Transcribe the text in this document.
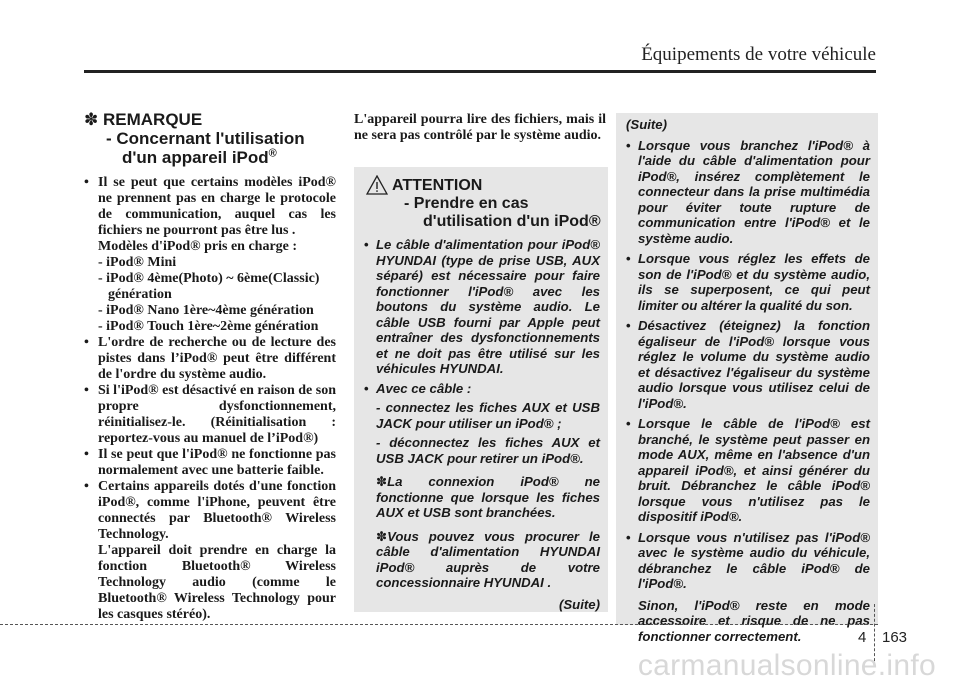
Équipements de votre véhicule
✽ REMARQUE
- Concernant l'utilisation
d'un appareil iPod®
• Il se peut que certains modèles iPod® ne prennent pas en charge le protocole de communication, auquel cas les fichiers ne pourront pas être lus .
Modèles d'iPod® pris en charge :
- iPod® Mini
- iPod® 4ème(Photo) ~ 6ème(Classic)
génération
- iPod® Nano 1ère~4ème génération
- iPod® Touch 1ère~2ème génération
• L'ordre de recherche ou de lecture des pistes dans l’iPod® peut être différent de l'ordre du système audio.
• Si l'iPod® est désactivé en raison de son propre dysfonctionnement, réinitialisez-le. (Réinitialisation : reportez-vous au manuel de l’iPod®)
• Il se peut que l'iPod® ne fonctionne pas normalement avec une batterie faible.
• Certains appareils dotés d'une fonction iPod®, comme l'iPhone, peuvent être connectés par Bluetooth® Wireless Technology.
L'appareil doit prendre en charge la fonction Bluetooth® Wireless Technology audio (comme le Bluetooth® Wireless Technology pour les casques stéréo).
L'appareil pourra lire des fichiers, mais il ne sera pas contrôlé par le système audio.
ATTENTION
- Prendre en cas
d'utilisation d'un iPod®
• Le câble d'alimentation pour iPod® HYUNDAI (type de prise USB, AUX séparé) est nécessaire pour faire fonctionner l'iPod® avec les boutons du système audio. Le câble USB fourni par Apple peut entraîner des dysfonctionnements et ne doit pas être utilisé sur les véhicules HYUNDAI.
• Avec ce câble :
- connectez les fiches AUX et USB JACK pour utiliser un iPod® ;
- déconnectez les fiches AUX et USB JACK pour retirer un iPod®.
✽La connexion iPod® ne fonctionne que lorsque les fiches AUX et USB sont branchées.
✽Vous pouvez vous procurer le câble d'alimentation HYUNDAI iPod® auprès de votre concessionnaire HYUNDAI .
(Suite)
(Suite)
• Lorsque vous branchez l'iPod® à l'aide du câble d'alimentation pour iPod®, insérez complètement le connecteur dans la prise multimédia pour éviter toute rupture de communication entre l'iPod® et le système audio.
• Lorsque vous réglez les effets de son de l'iPod® et du système audio, ils se superposent, ce qui peut limiter ou altérer la qualité du son.
• Désactivez (éteignez) la fonction égaliseur de l'iPod® lorsque vous réglez le volume du système audio et désactivez l'égaliseur du système audio lorsque vous utilisez celui de l'iPod®.
• Lorsque le câble de l'iPod® est branché, le système peut passer en mode AUX, même en l'absence d'un appareil iPod®, et ainsi générer du bruit. Débranchez le câble iPod® lorsque vous n'utilisez pas le dispositif iPod®.
• Lorsque vous n'utilisez pas l'iPod® avec le système audio du véhicule, débranchez le câble iPod® de l'iPod®.
Sinon, l'iPod® reste en mode accessoire et risque de ne pas fonctionner correctement.	4 163
carmanualsonline.info
